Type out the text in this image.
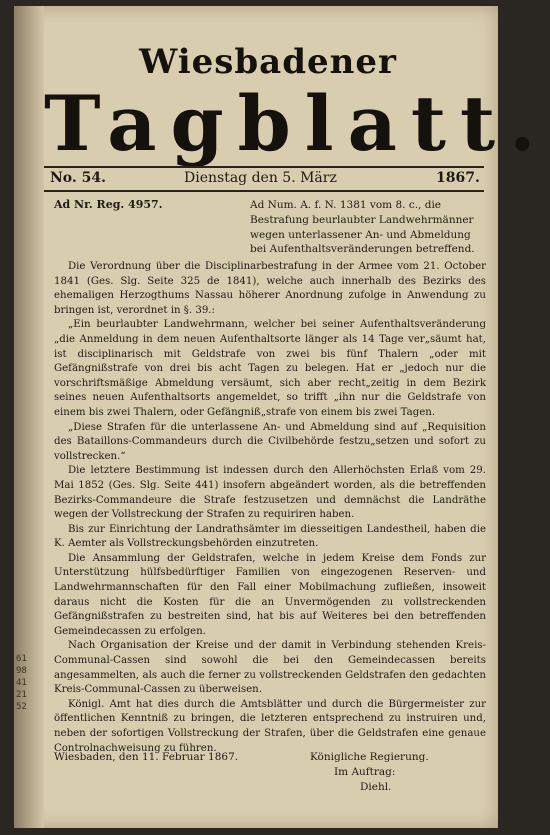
61
98
41
21
52
Wiesbadener
Tagblatt.
No. 54.	Dienstag den 5. März	1867.
Ad Nr. Reg. 4957.	Ad Num. A. f. N. 1381 vom 8. c., die Bestrafung beurlaubter Landwehrmänner wegen unterlassener An- und Abmeldung bei Aufenthaltsveränderungen betreffend.

Die Verordnung über die Disciplinarbestrafung in der Armee vom 21. October 1841 (Ges. Slg. Seite 325 de 1841), welche auch innerhalb des Bezirks des ehemaligen Herzogthums Nassau höherer Anordnung zufolge in Anwendung zu bringen ist, verordnet in §. 39.:

„Ein beurlaubter Landwehrmann, welcher bei seiner Aufenthaltsveränderung „die Anmeldung in dem neuen Aufenthaltsorte länger als 14 Tage ver„säumt hat, ist disciplinarisch mit Geldstrafe von zwei bis fünf Thalern „oder mit Gefängnißstrafe von drei bis acht Tagen zu belegen. Hat er „jedoch nur die vorschriftsmäßige Abmeldung versäumt, sich aber recht„zeitig in dem Bezirk seines neuen Aufenthaltsorts angemeldet, so trifft „ihn nur die Geldstrafe von einem bis zwei Thalern, oder Gefängniß„strafe von einem bis zwei Tagen.

„Diese Strafen für die unterlassene An- und Abmeldung sind auf „Requisition des Bataillons-Commandeurs durch die Civilbehörde festzu„setzen und sofort zu vollstrecken.“

Die letztere Bestimmung ist indessen durch den Allerhöchsten Erlaß vom 29. Mai 1852 (Ges. Slg. Seite 441) insofern abgeändert worden, als die betreffenden Bezirks-Commandeure die Strafe festzusetzen und demnächst die Landräthe wegen der Vollstreckung der Strafen zu requiriren haben.

Bis zur Einrichtung der Landrathsämter im diesseitigen Landestheil, haben die K. Aemter als Vollstreckungsbehörden einzutreten.

Die Ansammlung der Geldstrafen, welche in jedem Kreise dem Fonds zur Unterstützung hülfsbedürftiger Familien von eingezogenen Reserven- und Landwehrmannschaften für den Fall einer Mobilmachung zufließen, insoweit daraus nicht die Kosten für die an Unvermögenden zu vollstreckenden Gefängnißstrafen zu bestreiten sind, hat bis auf Weiteres bei den betreffenden Gemeindecassen zu erfolgen.

Nach Organisation der Kreise und der damit in Verbindung stehenden Kreis-Communal-Cassen sind sowohl die bei den Gemeindecassen bereits angesammelten, als auch die ferner zu vollstreckenden Geldstrafen den gedachten Kreis-Communal-Cassen zu überweisen.

Königl. Amt hat dies durch die Amtsblätter und durch die Bürgermeister zur öffentlichen Kenntniß zu bringen, die letzteren entsprechend zu instruiren und, neben der sofortigen Vollstreckung der Strafen, über die Geldstrafen eine genaue Controlnachweisung zu führen.

Wiesbaden, den 11. Februar 1867.	Königliche Regierung.
Im Auftrag:
Diehl.
